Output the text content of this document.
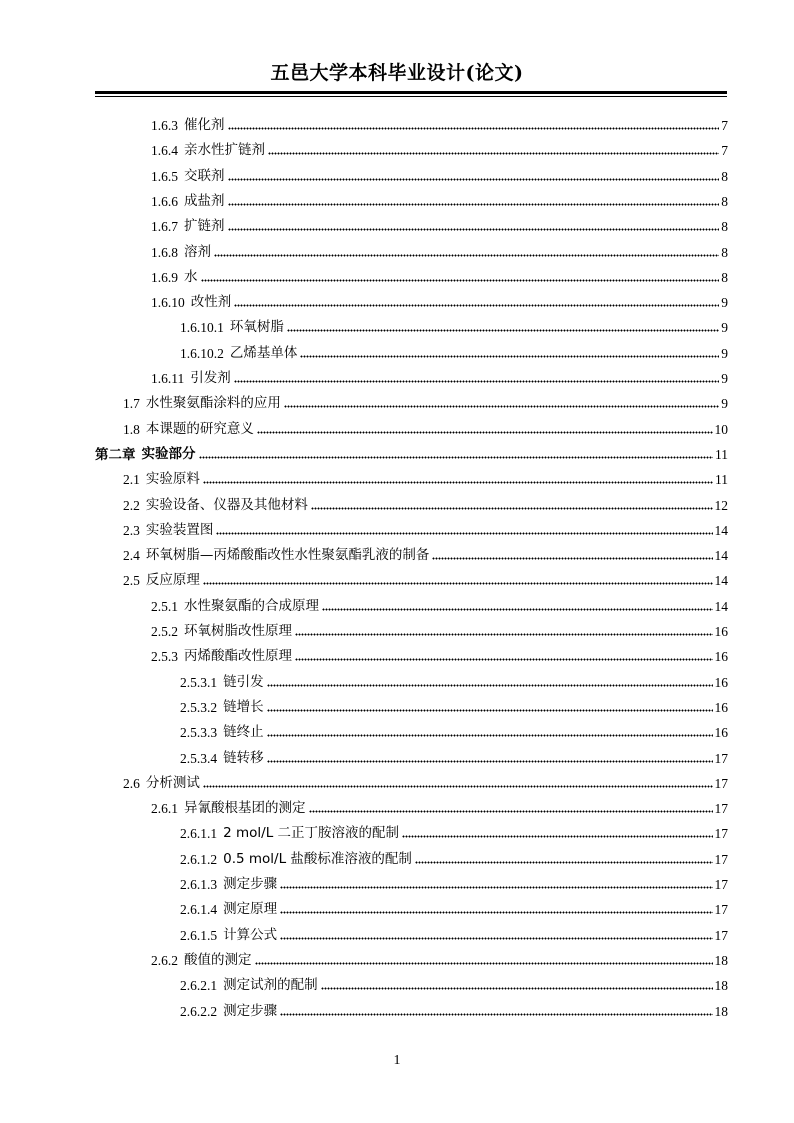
五邑大学本科毕业设计(论文)
1.6.3 催化剂	7
1.6.4 亲水性扩链剂	7
1.6.5 交联剂	8
1.6.6 成盐剂	8
1.6.7 扩链剂	8
1.6.8 溶剂	8
1.6.9 水	8
1.6.10 改性剂	9
1.6.10.1 环氧树脂	9
1.6.10.2 乙烯基单体	9
1.6.11 引发剂	9
1.7 水性聚氨酯涂料的应用	9
1.8 本课题的研究意义	10
第二章 实验部分	11
2.1 实验原料	11
2.2 实验设备、仪器及其他材料	12
2.3 实验装置图	14
2.4 环氧树脂—丙烯酸酯改性水性聚氨酯乳液的制备	14
2.5 反应原理	14
2.5.1 水性聚氨酯的合成原理	14
2.5.2 环氧树脂改性原理	16
2.5.3 丙烯酸酯改性原理	16
2.5.3.1 链引发	16
2.5.3.2 链增长	16
2.5.3.3 链终止	16
2.5.3.4 链转移	17
2.6 分析测试	17
2.6.1 异氰酸根基团的测定	17
2.6.1.1 2 mol/L 二正丁胺溶液的配制	17
2.6.1.2 0.5 mol/L 盐酸标准溶液的配制	17
2.6.1.3 测定步骤	17
2.6.1.4 测定原理	17
2.6.1.5 计算公式	17
2.6.2 酸值的测定	18
2.6.2.1 测定试剂的配制	18
2.6.2.2 测定步骤	18
1
